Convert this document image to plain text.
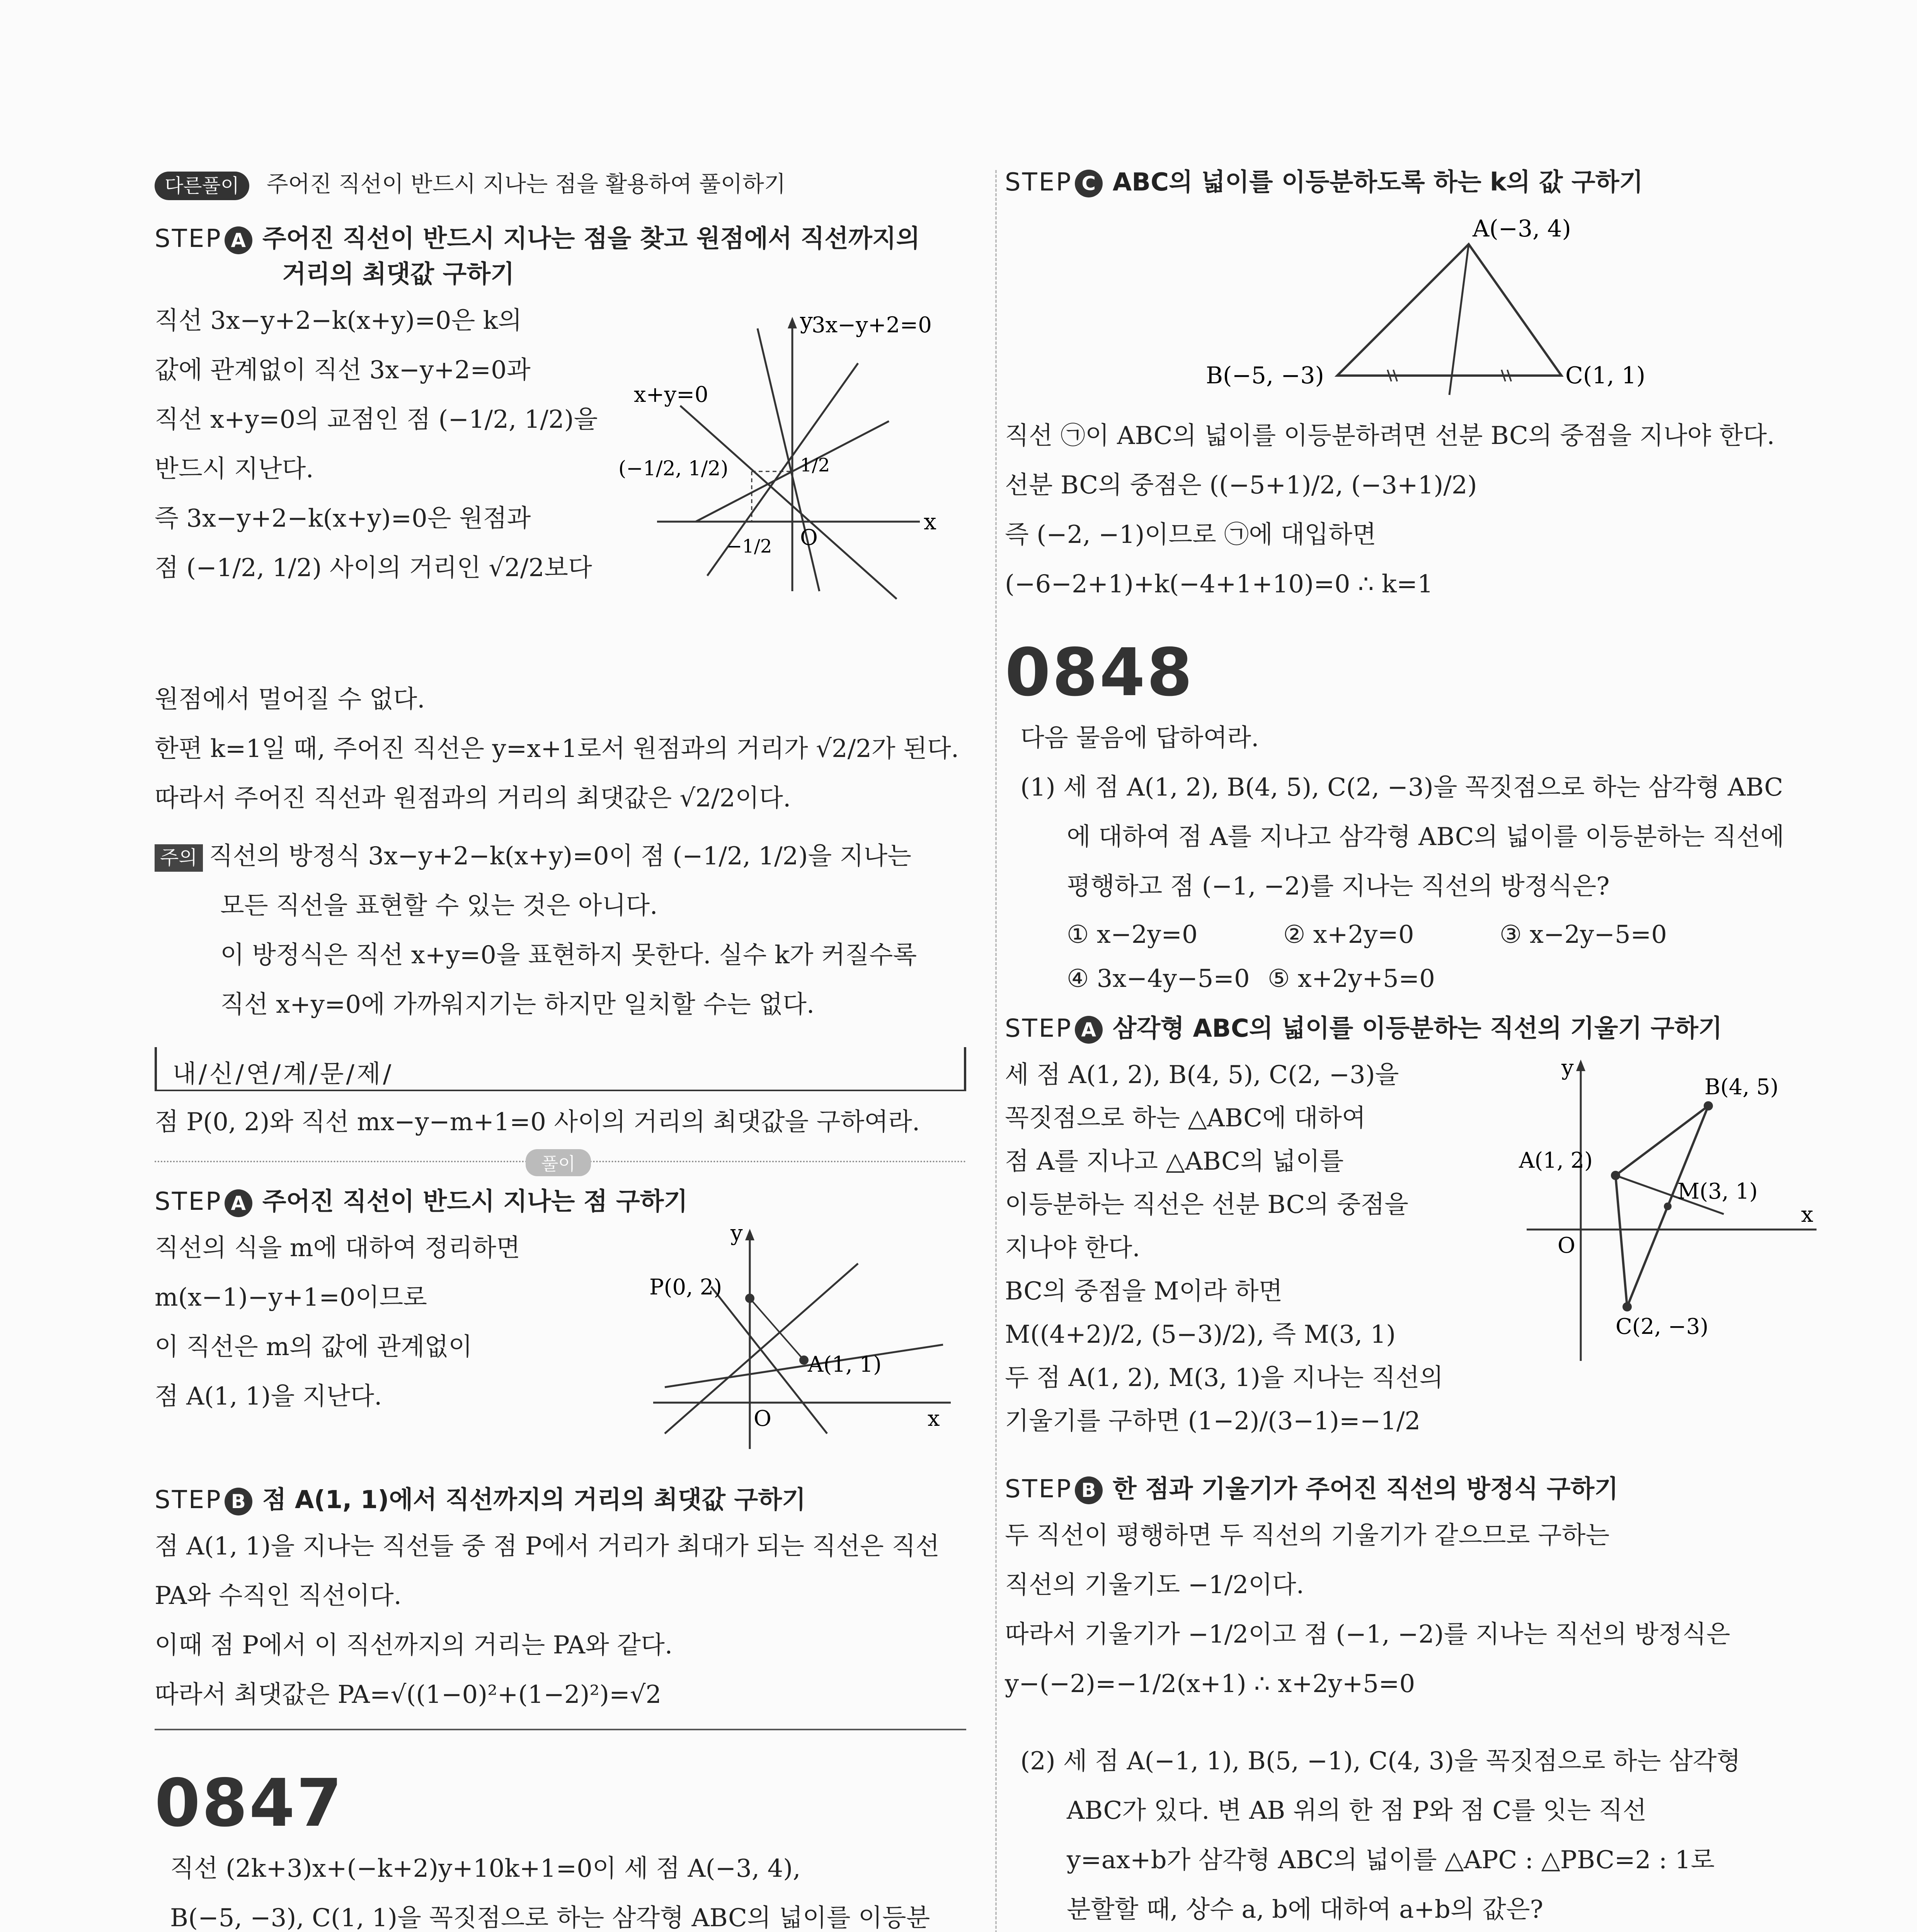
다른풀이 주어진 직선이 반드시 지나는 점을 활용하여 풀이하기
STEP A 주어진 직선이 반드시 지나는 점을 찾고 원점에서 직선까지의
거리의 최댓값 구하기
직선 3x−y+2−k(x+y)=0은 k의
값에 관계없이 직선 3x−y+2=0과
직선 x+y=0의 교점인 점 (−1/2, 1/2)을
반드시 지난다.
즉 3x−y+2−k(x+y)=0은 원점과
점 (−1/2, 1/2) 사이의 거리인 √2/2보다
y
3x−y+2=0
x+y=0
(−1/2, 1/2)	1/2
−1/2 O
x
원점에서 멀어질 수 없다.
한편 k=1일 때, 주어진 직선은 y=x+1로서 원점과의 거리가 √2/2가 된다.
따라서 주어진 직선과 원점과의 거리의 최댓값은 √2/2이다.
주의 직선의 방정식 3x−y+2−k(x+y)=0이 점 (−1/2, 1/2)을 지나는
모든 직선을 표현할 수 있는 것은 아니다.
이 방정식은 직선 x+y=0을 표현하지 못한다. 실수 k가 커질수록
직선 x+y=0에 가까워지기는 하지만 일치할 수는 없다.
내/신/연/계/문/제/
점 P(0, 2)와 직선 mx−y−m+1=0 사이의 거리의 최댓값을 구하여라.
풀이
STEP A 주어진 직선이 반드시 지나는 점 구하기
직선의 식을 m에 대하여 정리하면
m(x−1)−y+1=0이므로
이 직선은 m의 값에 관계없이
점 A(1, 1)을 지난다.
P(0, 2)
A(1, 1)
y
x
O
STEP B 점 A(1, 1)에서 직선까지의 거리의 최댓값 구하기
점 A(1, 1)을 지나는 직선들 중 점 P에서 거리가 최대가 되는 직선은 직선
PA와 수직인 직선이다.
이때 점 P에서 이 직선까지의 거리는 PA와 같다.
따라서 최댓값은 PA=√((1−0)²+(1−2)²)=√2
0847
직선 (2k+3)x+(−k+2)y+10k+1=0이 세 점 A(−3, 4),
B(−5, −3), C(1, 1)을 꼭짓점으로 하는 삼각형 ABC의 넓이를 이등분
STEP C ABC의 넓이를 이등분하도록 하는 k의 값 구하기
A(−3, 4)
B(−5, −3)	C(1, 1)
직선 ㉠이 ABC의 넓이를 이등분하려면 선분 BC의 중점을 지나야 한다.
선분 BC의 중점은 ((−5+1)/2, (−3+1)/2)
즉 (−2, −1)이므로 ㉠에 대입하면
(−6−2+1)+k(−4+1+10)=0 ∴ k=1
0848
다음 물음에 답하여라.
(1) 세 점 A(1, 2), B(4, 5), C(2, −3)을 꼭짓점으로 하는 삼각형 ABC
에 대하여 점 A를 지나고 삼각형 ABC의 넓이를 이등분하는 직선에
평행하고 점 (−1, −2)를 지나는 직선의 방정식은?
① x−2y=0	② x+2y=0	③ x−2y−5=0
④ 3x−4y−5=0 ⑤ x+2y+5=0
STEP A 삼각형 ABC의 넓이를 이등분하는 직선의 기울기 구하기
세 점 A(1, 2), B(4, 5), C(2, −3)을
꼭짓점으로 하는 △ABC에 대하여
점 A를 지나고 △ABC의 넓이를
이등분하는 직선은 선분 BC의 중점을
지나야 한다.
BC의 중점을 M이라 하면
M((4+2)/2, (5−3)/2), 즉 M(3, 1)
두 점 A(1, 2), M(3, 1)을 지나는 직선의
기울기를 구하면 (1−2)/(3−1)=−1/2
A(1, 2)
B(4, 5)
C(2, −3)
M(3, 1)
y
x
O
STEP B 한 점과 기울기가 주어진 직선의 방정식 구하기
두 직선이 평행하면 두 직선의 기울기가 같으므로 구하는
직선의 기울기도 −1/2이다.
따라서 기울기가 −1/2이고 점 (−1, −2)를 지나는 직선의 방정식은
y−(−2)=−1/2(x+1) ∴ x+2y+5=0
(2) 세 점 A(−1, 1), B(5, −1), C(4, 3)을 꼭짓점으로 하는 삼각형
ABC가 있다. 변 AB 위의 한 점 P와 점 C를 잇는 직선
y=ax+b가 삼각형 ABC의 넓이를 △APC : △PBC=2 : 1로
분할할 때, 상수 a, b에 대하여 a+b의 값은?
